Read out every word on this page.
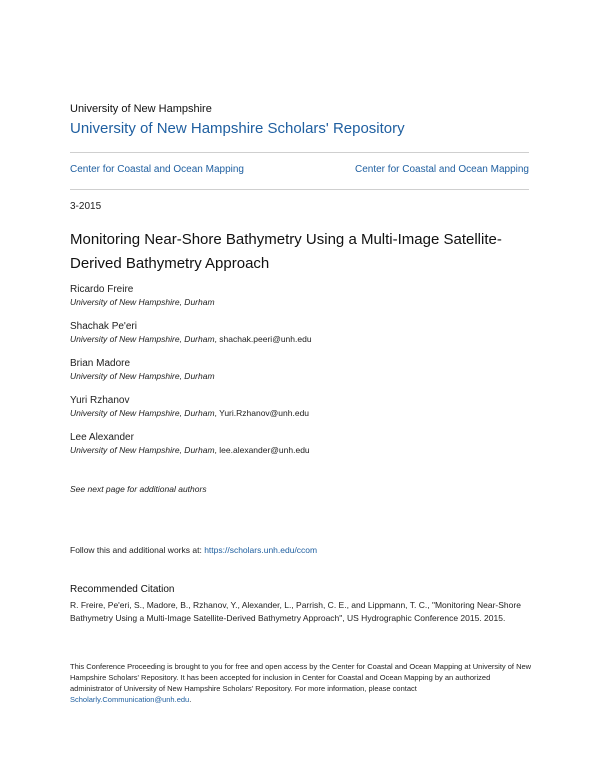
University of New Hampshire
University of New Hampshire Scholars' Repository
Center for Coastal and Ocean Mapping	Center for Coastal and Ocean Mapping
3-2015
Monitoring Near-Shore Bathymetry Using a Multi-Image Satellite-Derived Bathymetry Approach
Ricardo Freire
University of New Hampshire, Durham
Shachak Pe'eri
University of New Hampshire, Durham, shachak.peeri@unh.edu
Brian Madore
University of New Hampshire, Durham
Yuri Rzhanov
University of New Hampshire, Durham, Yuri.Rzhanov@unh.edu
Lee Alexander
University of New Hampshire, Durham, lee.alexander@unh.edu
See next page for additional authors
Follow this and additional works at: https://scholars.unh.edu/ccom
Recommended Citation
R. Freire, Pe'eri, S., Madore, B., Rzhanov, Y., Alexander, L., Parrish, C. E., and Lippmann, T. C., "Monitoring Near-Shore Bathymetry Using a Multi-Image Satellite-Derived Bathymetry Approach", US Hydrographic Conference 2015. 2015.
This Conference Proceeding is brought to you for free and open access by the Center for Coastal and Ocean Mapping at University of New Hampshire Scholars' Repository. It has been accepted for inclusion in Center for Coastal and Ocean Mapping by an authorized administrator of University of New Hampshire Scholars' Repository. For more information, please contact Scholarly.Communication@unh.edu.
